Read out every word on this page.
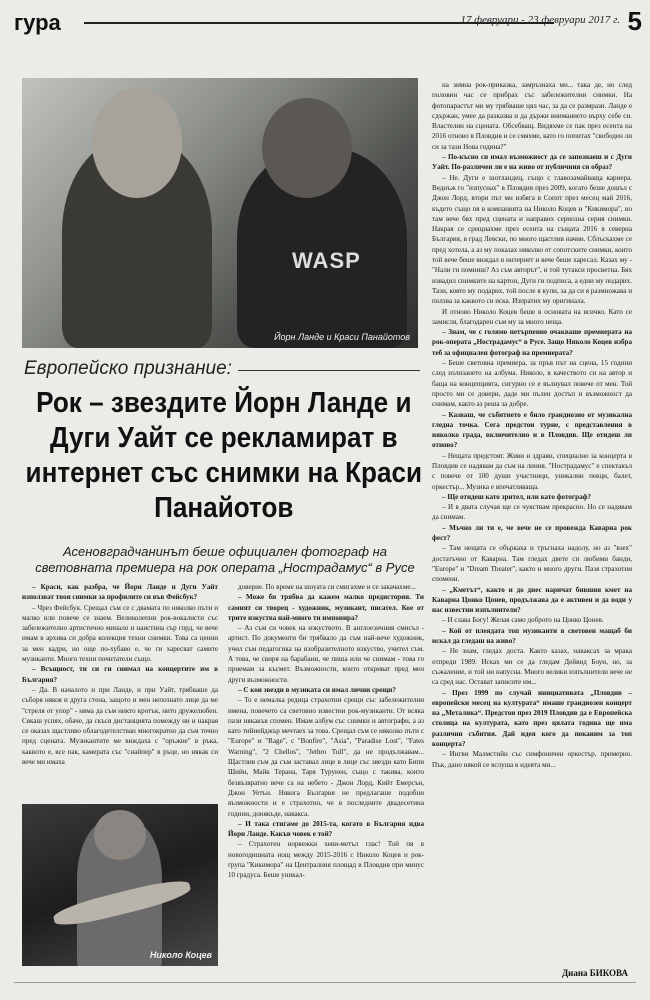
гура	17 февруари - 23 февруари 2017 г. 5
WASP
Йорн Ланде и Краси Панайотов
Европейско признание:
Рок – звездите Йорн Ланде и Дуги Уайт се рекламират в интернет със снимки на Краси Панайотов
Асеновградчанинът беше официален фотограф на световната премиера на рок операта „Нострадамус“ в Русе

– Краси, как разбра, че Йорн Ланде и Дуги Уайт използват твои снимки за профилите си във Фейсбук?

– Чрез Фейсбук. Срещал съм се с двамата по няколко пъти и малко или повече се знаем. Великолепни рок-вокалисти със забележително артистично минало и наистина сър горд, че вече имам в архива си добра колекция техни снимки. Това са ценни за мен кадри, но още по-хубаво е, че ги харесват самите музиканти. Много техни почитатели също.

– Всъщност, ти си ги снимал на концертите им в България?

– Да. В началото и при Ланде, и при Уайт, трябваше да съборя някоя и друга стена, защото и мен непознато лице да ме "стреля от упор" - няма да съм никто кротък, нито дружелюбен. Сякаш успях, обаче, да скъся дистанцията помежду ни и накрая се оказах щастливо облагодетелстван многократно да съм точно пред сцената. Музикантите ме виждаха с "оръжие" в ръка, каквото е, все пак, камерата със "снайпер" в ръце, но някак си вече ми имаха

доверие. По време на шоуата си смигахме и се закачахме...

– Може би трябва да кажем малко предистория. Ти самият си творец - художник, музикант, писател. Кое от трите изкуства най-много ти импонира?

– Аз съм си човек на изкуството. В англоезичния смисъл - артист. По документи би трябвало да съм най-вече художник, учил съм педагогика на изобразителното изкуство, учител съм. А това, че свиря на барабани, че пиша или че снимам - това го приемам за късмет. Възможности, които откриват пред мен други възможности.

– С кои звезди в музиката си имал лични срещи?

– То е немалка редица страхотни срещи със забележителни имена, повечето са световно известни рок-музиканти. От всяка пази някакъв спомен. Имам албум със снимки и автографи, а аз като тийнейджър мечтаех за това. Срещал съм се няколко пъти с "Europe" и "Rage", с "Bonfire", "Asia", "Paradise Lost", "Fates Warning", "2 Chellos", "Jethro Tull", да не продължавам... Щастлив съм да съм заставал лице в лице със звезди като Бипи Шийн, Майк Терана, Таря Турунен, също с такива, които безвъзвратно вече са на небето - Джон Лорд, Кийт Емерсън, Джон Уетън. Някога България не предлагаше подобни възможности и е страхотно, че в последните двадесетина години, донякъде, навакса.

– И така стигаме до 2015-та, когато в България идва Йорн Ланде. Какъв човек е той?

– Страхотен норвежки хеви-метъл глас! Той пя в новогодишната нощ между 2015-2016 с Николо Коцев и рок-група "Кикимора" на Централния площад в Пловдив при минус 10 градуса. Беше уникал-

на зимна рок-приказка, замръзнаха ми... така де, но след половин час се прибрах със забележителни снимки. На фотопарастът ми му трябваше цял час, за да се размрази. Ланде е сдържан, умее да разказва и да държи вниманието върху себе си. Властелин на сцената. Обсебващ. Видяхме се пак през есента на 2016 отново в Пловдив и се смяхме, като го попитах "свободен ли си за тази Нова година?"

– По-късно си имал възможност да се запознаеш и с Дуги Уайт. По-различен ли е на живо от публичния си образ?

– Не. Дуги е шотландец, също с главозамайваща кариера. Веднъж го "изпуснах" в Пловдив през 2009, когато беше дошъл с Джон Лорд, втори път ми избяга в Сопот през месец май 2016, където също пя в компанията на Николо Коцев и "Кикимора", но там вече бях пред сцената и направих сериозна серия снимки. Накрая се срещнахме през есента на същата 2016 в северна България, в град Левски, по много щастлив начин. Сблъскахме се пред хотела, а аз му показах няколко от сопотските снимки, които той вече беше виждал в интернет и вече беше харесал. Казах му - "Нали ги помниш? Аз съм авторът", и той тутакси просветна. Бях извадил снимките на картон, Дуги ги подписа, а едни му подарих. Тази, която му подарих, той после я купи, за да си я размножава и ползва за каквото си иска. Изпратих му оригинала.

И отново Николо Коцев беше в основата на всичко. Като се замисля, благодарен съм му за много неща.

– Знам, че с голямо нетърпение очакваше премиерата на рок-операта „Нострадамус“ в Русе. Защо Николо Коцев избра теб за официален фотограф на премиерата?

– Беше световна премиера, за пръв път на сцена, 15 години след излизането на албума. Николо, в качеството си на автор и баща на концепцията, сигурно се е вълнувал повече от мен. Той просто ми се довери, даде ми пълен достъп и възможност да снимам, както аз реша за добре.

– Казваш, че събитието е било грандиозно от музикална гледна точка. Сега предстои турне, с представления в няколко града, включително и в Пловдив. Ще отидеш ли отново?

– Нещата предстоят. Живи и здрави, специално за концерта в Пловдив се надявам да съм на линия. "Нострадамус" е спектакъл с повече от 100 души участници, уникални певци, балет, оркестър... Музика е впечатляваща.

– Ще отидеш като зрител, или като фотограф?

– И в двата случая ще се чувствам прекрасно. Но се надявам да снимам.

– Мъчно ли ти е, че вече не се провежда Каварна рок фест?

– Там нещата се объркаха и тръгнаха надолу, но аз "взех" достатъчно от Каварна. Там гледах двете си любими банди, "Europe" и "Dream Theater", както и много други. Пазя страхотни спомени.

– „Кметът“, както и до днес наричат бившия кмет на Каварна Цонко Цонев, продължава да е активен и да води у нас известни изпълнители?

– И слава Богу! Желая само доброто на Цонко Цонев.

– Кой от плеядата топ музиканти в световен мащаб би искал да гледаш на живо?

– Не знам, гледах доста. Както казах, наваксах за мрака отпреди 1989. Исках ми се да гледам Дейвид Боуи, но, за съжаление, и той ни напусна. Много велики изпълнители вече не са сред нас. Остават записите им...

– През 1999 по случай инициативата „Пловдив – европейски месец на културата“ имаше грандиозен концерт на „Металика“. Предстои през 2019 Пловдив да е Европейска столица на културата, като през цялата година ще има различни събития. Дай идея кого да поканим за топ концерта?

– Ингви Малмстийн със симфоничен оркестър, примерно. Пък, дано някой се вслуша в идеята ми...

Николо Коцев
Диана БИКОВА
